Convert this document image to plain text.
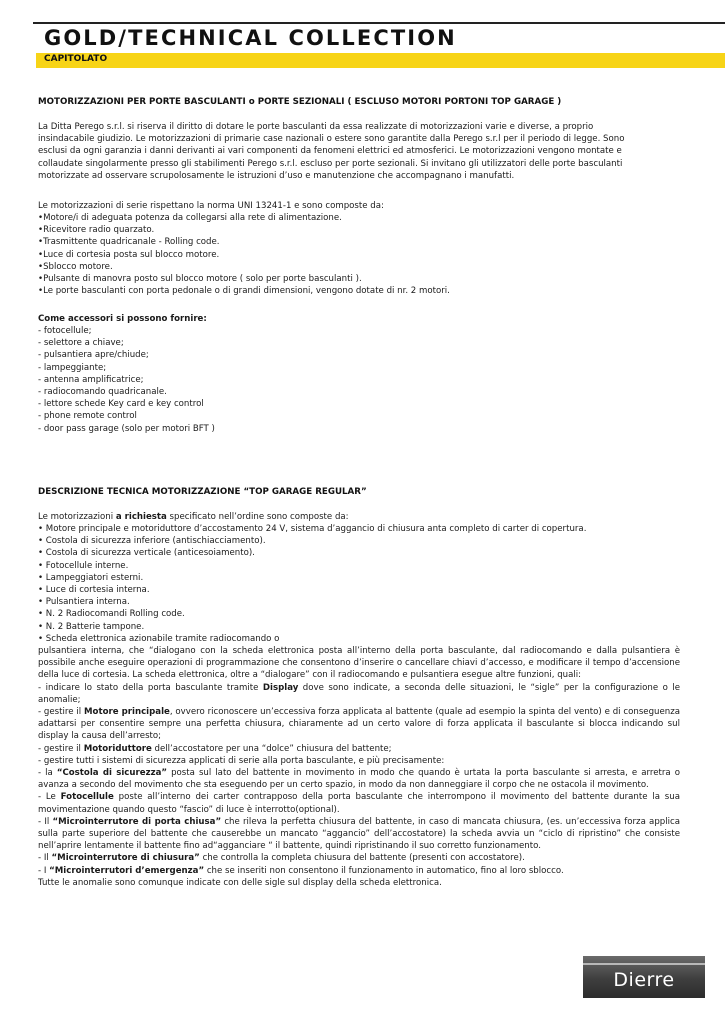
GOLD/TECHNICAL COLLECTION
CAPITOLATO
MOTORIZZAZIONI PER PORTE BASCULANTI o PORTE SEZIONALI ( ESCLUSO MOTORI PORTONI TOP GARAGE )
La Ditta Perego s.r.l. si riserva il diritto di dotare le porte basculanti da essa realizzate di motorizzazioni varie e diverse, a proprio
insindacabile giudizio. Le motorizzazioni di primarie case nazionali o estere sono garantite dalla Perego s.r.l per il periodo di legge. Sono
esclusi da ogni garanzia i danni derivanti ai vari componenti da fenomeni elettrici ed atmosferici. Le motorizzazioni vengono montate e
collaudate singolarmente presso gli stabilimenti Perego s.r.l. escluso per porte sezionali. Si invitano gli utilizzatori delle porte basculanti
motorizzate ad osservare scrupolosamente le istruzioni d’uso e manutenzione che accompagnano i manufatti.

Le motorizzazioni di serie rispettano la norma UNI 13241-1 e sono composte da:

•Motore/i di adeguata potenza da collegarsi alla rete di alimentazione.
•Ricevitore radio quarzato.
•Trasmittente quadricanale - Rolling code.
•Luce di cortesia posta sul blocco motore.
•Sblocco motore.
•Pulsante di manovra posto sul blocco motore ( solo per porte basculanti ).
•Le porte basculanti con porta pedonale o di grandi dimensioni, vengono dotate di nr. 2 motori.

Come accessori si possono fornire:

- fotocellule;
- selettore a chiave;
- pulsantiera apre/chiude;
- lampeggiante;
- antenna amplificatrice;
- radiocomando quadricanale.
- lettore schede Key card e key control
- phone remote control
- door pass garage (solo per motori BFT )
DESCRIZIONE TECNICA MOTORIZZAZIONE “TOP GARAGE REGULAR”

Le motorizzazioni a richiesta specificato nell’ordine sono composte da:

• Motore principale e motoriduttore d’accostamento 24 V, sistema d’aggancio di chiusura anta completo di carter di copertura.
• Costola di sicurezza inferiore (antischiacciamento).
• Costola di sicurezza verticale (anticesoiamento).
• Fotocellule interne.
• Lampeggiatori esterni.
• Luce di cortesia interna.
• Pulsantiera interna.
• N. 2 Radiocomandi Rolling code.
• N. 2 Batterie tampone.
• Scheda elettronica azionabile tramite radiocomando o
pulsantiera interna, che “dialogano con la scheda elettronica posta all’interno della porta basculante, dal radiocomando e dalla pulsantiera è possibile anche eseguire operazioni di programmazione che consentono d’inserire o cancellare chiavi d’accesso, e modificare il tempo d’accensione della luce di cortesia. La scheda elettronica, oltre a “dialogare” con il radiocomando e pulsantiera esegue altre funzioni, quali:
- indicare lo stato della porta basculante tramite Display dove sono indicate, a seconda delle situazioni, le “sigle” per la configurazione o le anomalie;
- gestire il Motore principale, ovvero riconoscere un’eccessiva forza applicata al battente (quale ad esempio la spinta del vento) e di conseguenza adattarsi per consentire sempre una perfetta chiusura, chiaramente ad un certo valore di forza applicata il basculante si blocca indicando sul display la causa dell’arresto;
- gestire il Motoriduttore dell’accostatore per una “dolce” chiusura del battente;
- gestire tutti i sistemi di sicurezza applicati di serie alla porta basculante, e più precisamente:
- la “Costola di sicurezza” posta sul lato del battente in movimento in modo che quando è urtata la porta basculante si arresta, e arretra o avanza a secondo del movimento che sta eseguendo per un certo spazio, in modo da non danneggiare il corpo che ne ostacola il movimento.
- Le Fotocellule poste all’interno dei carter contrapposo della porta basculante che interrompono il movimento del battente durante la sua movimentazione quando questo “fascio” di luce è interrotto(optional).
- Il “Microinterrutore di porta chiusa” che rileva la perfetta chiusura del battente, in caso di mancata chiusura, (es. un’eccessiva forza applica sulla parte superiore del battente che causerebbe un mancato “aggancio” dell’accostatore) la scheda avvia un “ciclo di ripristino” che consiste nell’aprire lentamente il battente fino ad“agganciare “ il battente, quindi ripristinando il suo corretto funzionamento.
- Il “Microinterrutore di chiusura” che controlla la completa chiusura del battente (presenti con accostatore).
- I “Microinterrutori d’emergenza” che se inseriti non consentono il funzionamento in automatico, fino al loro sblocco.
Tutte le anomalie sono comunque indicate con delle sigle sul display della scheda elettronica.
Dierre
